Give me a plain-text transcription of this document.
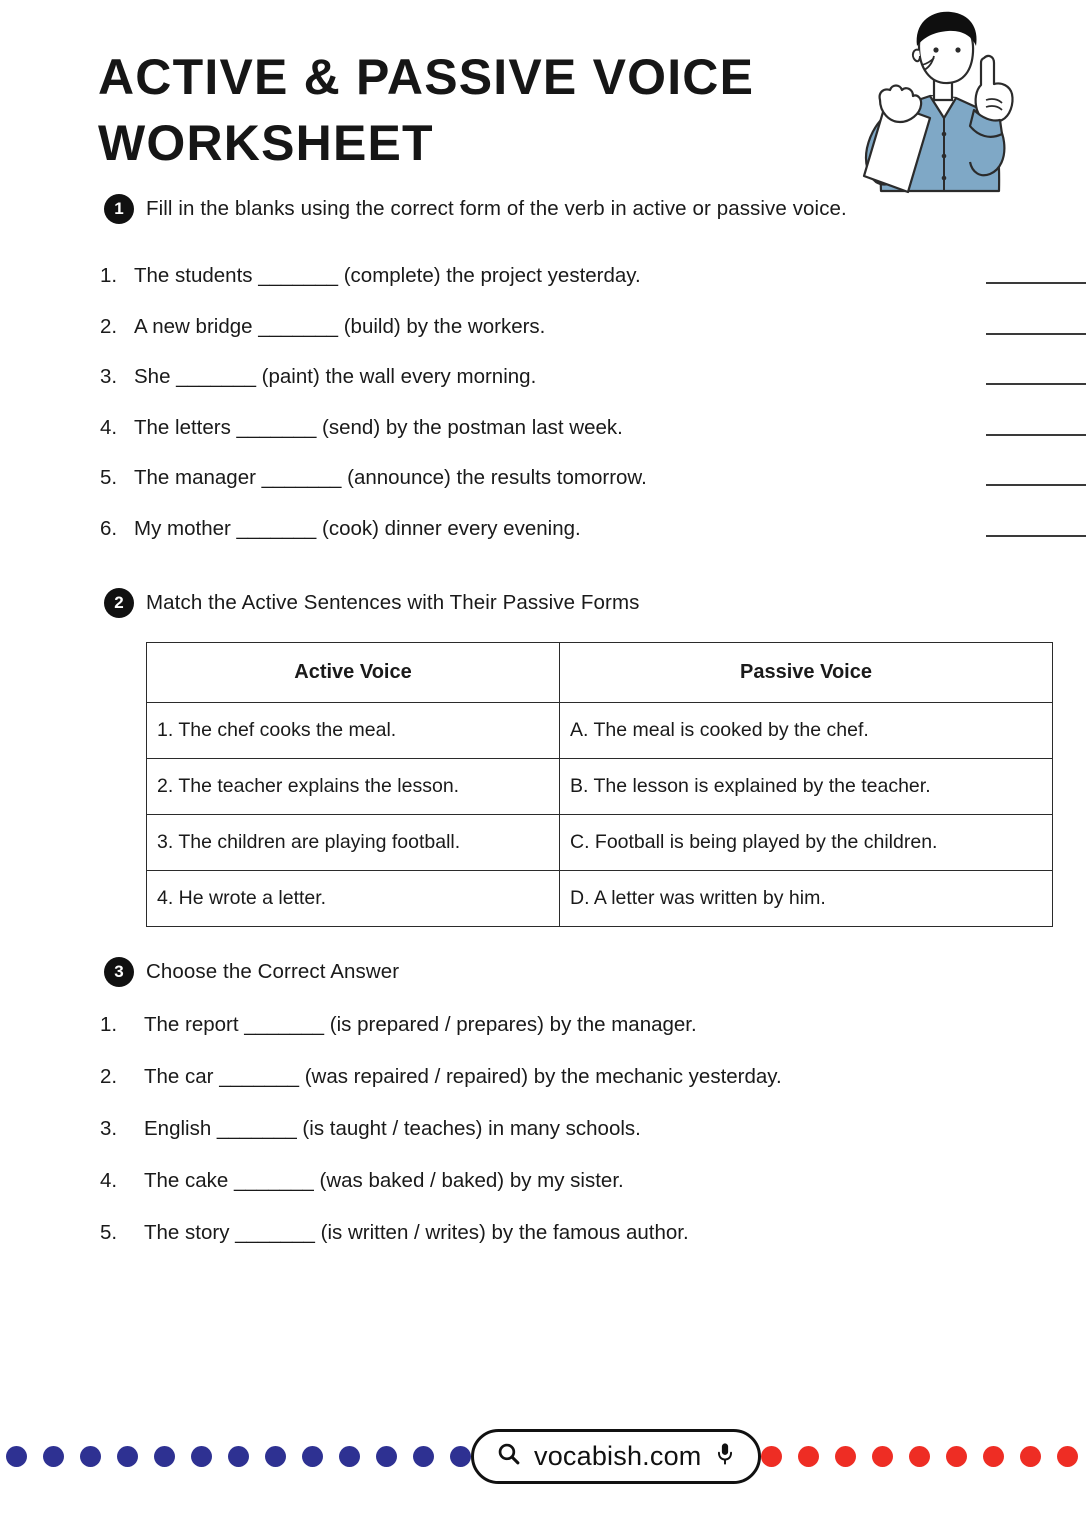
ACTIVE & PASSIVE VOICE WORKSHEET
1	Fill in the blanks using the correct form of the verb in active or passive voice.
1. The students _______ (complete) the project yesterday.
2. A new bridge _______ (build) by the workers.
3. She _______ (paint) the wall every morning.
4. The letters _______ (send) by the postman last week.
5. The manager _______ (announce) the results tomorrow.
6. My mother _______ (cook) dinner every evening.
2	Match the Active Sentences with Their Passive Forms
Active Voice	Passive Voice
1. The chef cooks the meal.	A. The meal is cooked by the chef.
2. The teacher explains the lesson.	B. The lesson is explained by the teacher.
3. The children are playing football.	C. Football is being played by the children.
4. He wrote a letter.	D. A letter was written by him.
3	Choose the Correct Answer
1.	The report _______ (is prepared / prepares) by the manager.
2.	The car _______ (was repaired / repaired) by the mechanic yesterday.
3.	English _______ (is taught / teaches) in many schools.
4.	The cake _______ (was baked / baked) by my sister.
5.	The story _______ (is written / writes) by the famous author.
vocabish.com
